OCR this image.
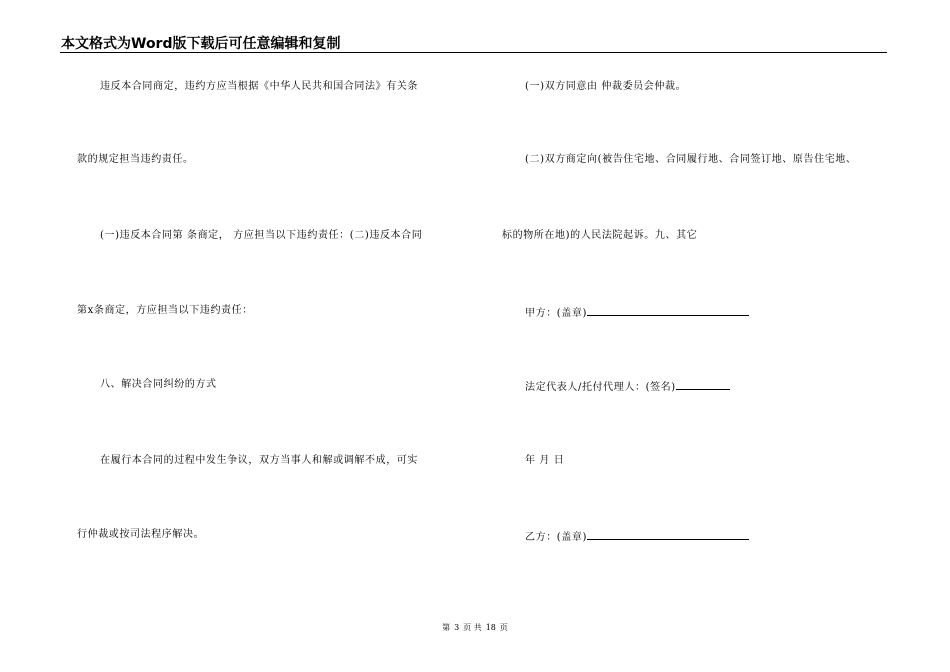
本文格式为Word版下载后可任意编辑和复制
违反本合同商定，违约方应当根据《中华人民共和国合同法》有关条
款的规定担当违约责任。
(一)违反本合同第 条商定， 方应担当以下违约责任：(二)违反本合同
第x条商定，方应担当以下违约责任：
八、解决合同纠纷的方式
在履行本合同的过程中发生争议，双方当事人和解或调解不成，可实
行仲裁或按司法程序解决。
(一)双方同意由 仲裁委员会仲裁。
(二)双方商定向(被告住宅地、合同履行地、合同签订地、原告住宅地、
标的物所在地)的人民法院起诉。九、其它
甲方：(盖章)
法定代表人/托付代理人：(签名)
年 月 日
乙方：(盖章)
第 3 页 共 18 页
